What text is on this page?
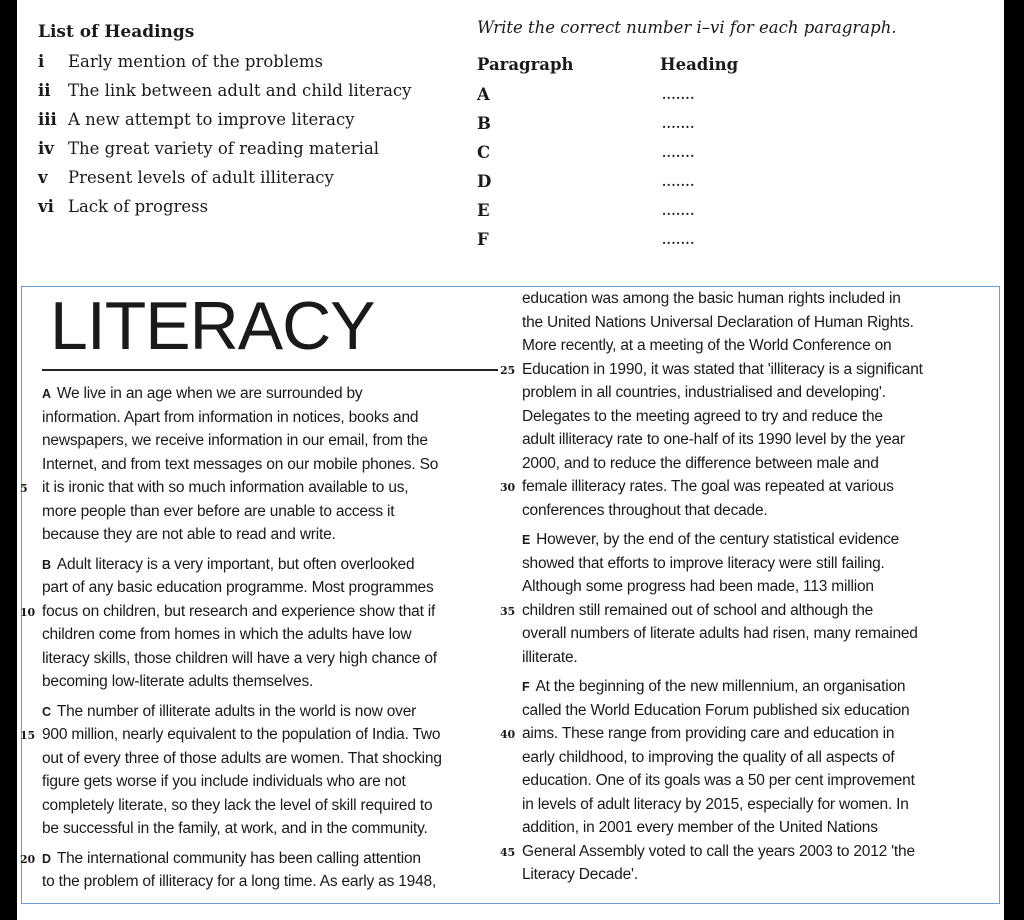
List of Headings
i	Early mention of the problems
ii	The link between adult and child literacy
iii A new attempt to improve literacy
iv The great variety of reading material
v	Present levels of adult illiteracy
vi Lack of progress
Write the correct number i–vi for each paragraph.
Paragraph	Heading
A	.......
B	.......
C	.......
D	.......
E	.......
F	.......
LITERACY
A We live in an age when we are surrounded by
information. Apart from information in notices, books and
newspapers, we receive information in our email, from the
Internet, and from text messages on our mobile phones. So
5 it is ironic that with so much information available to us,
more people than ever before are unable to access it
because they are not able to read and write.
B Adult literacy is a very important, but often overlooked
part of any basic education programme. Most programmes
10 focus on children, but research and experience show that if
children come from homes in which the adults have low
literacy skills, those children will have a very high chance of
becoming low-literate adults themselves.
C The number of illiterate adults in the world is now over
15 900 million, nearly equivalent to the population of India. Two
out of every three of those adults are women. That shocking
figure gets worse if you include individuals who are not
completely literate, so they lack the level of skill required to
be successful in the family, at work, and in the community.
20 D The international community has been calling attention
to the problem of illiteracy for a long time. As early as 1948,
education was among the basic human rights included in
the United Nations Universal Declaration of Human Rights.
More recently, at a meeting of the World Conference on
25 Education in 1990, it was stated that 'illiteracy is a significant
problem in all countries, industrialised and developing'.
Delegates to the meeting agreed to try and reduce the
adult illiteracy rate to one-half of its 1990 level by the year
2000, and to reduce the difference between male and
30 female illiteracy rates. The goal was repeated at various
conferences throughout that decade.
E However, by the end of the century statistical evidence
showed that efforts to improve literacy were still failing.
Although some progress had been made, 113 million
35 children still remained out of school and although the
overall numbers of literate adults had risen, many remained
illiterate.
F At the beginning of the new millennium, an organisation
called the World Education Forum published six education
40 aims. These range from providing care and education in
early childhood, to improving the quality of all aspects of
education. One of its goals was a 50 per cent improvement
in levels of adult literacy by 2015, especially for women. In
addition, in 2001 every member of the United Nations
45 General Assembly voted to call the years 2003 to 2012 'the
Literacy Decade'.
